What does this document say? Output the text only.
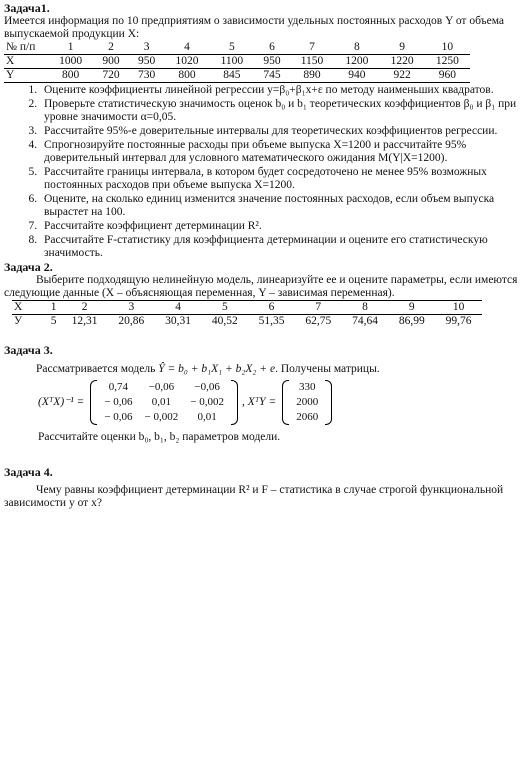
Задача1.

Имеется информация по 10 предприятиям о зависимости удельных постоянных расходов Y от объема выпускаемой продукции X:

№ п/п	1	2	3	4	5	6	7	8	9	10
X	1000	900	950	1020	1100	950	1150	1200	1220	1250
Y	800	720	730	800	845	745	890	940	922	960
1. Оцените коэффициенты линейной регрессии y=β₀+β₁x+ε по методу наименьших квадратов.
2. Проверьте статистическую значимость оценок b₀ и b₁ теоретических коэффициентов β₀ и β₁ при уровне значимости α=0,05.
3. Рассчитайте 95%-е доверительные интервалы для теоретических коэффициентов регрессии.
4. Спрогнозируйте постоянные расходы при объеме выпуска X=1200 и рассчитайте 95% доверительный интервал для условного математического ожидания M(Y|X=1200).
5. Рассчитайте границы интервала, в котором будет сосредоточено не менее 95% возможных постоянных расходов при объеме выпуска X=1200.
6. Оцените, на сколько единиц изменится значение постоянных расходов, если объем выпуска вырастет на 100.
7. Рассчитайте коэффициент детерминации R².
8. Рассчитайте F-статистику для коэффициента детерминации и оцените его статистическую значимость.

Задача 2.

Выберите подходящую нелинейную модель, линеаризуйте ее и оцените параметры, если имеются следующие данные (X – объясняющая переменная, Y – зависимая переменная).

X	1	2	3	4	5	6	7	8	9	10
У	5	12,31	20,86	30,31	40,52	51,35	62,75	74,64	86,99	99,76

Задача 3.

Рассматривается модель Ŷ = b₀ + b₁X₁ + b₂X₂ + e. Получены матрицы.

(XᵀX)⁻¹ =
0,74	−0,06	−0,06
− 0,06	0,01	− 0,002
− 0,06	− 0,002	0,01
, XᵀY =
330
2000
2060

Рассчитайте оценки b₀, b₁, b₂ параметров модели.

Задача 4.

Чему равны коэффициент детерминации R² и F – статистика в случае строгой функциональной зависимости y от x?
